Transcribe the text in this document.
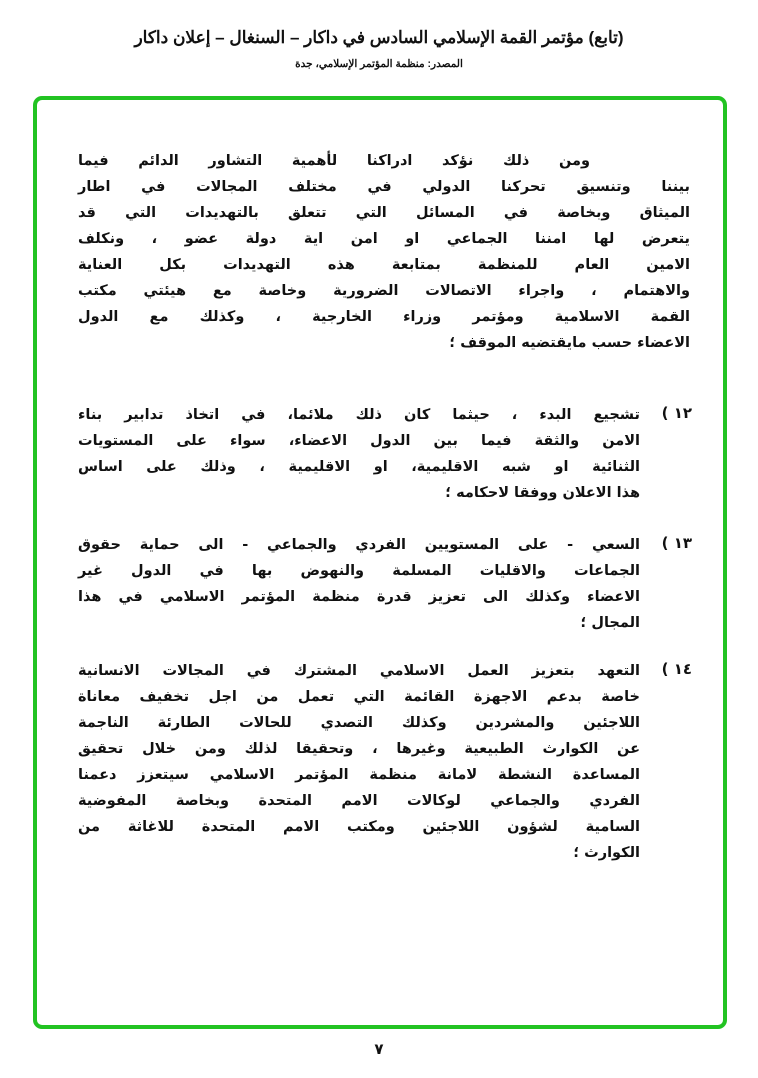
(تابع) مؤتمر القمة الإسلامي السادس في داكار – السنغال – إعلان داكار
المصدر: منظمة المؤتمر الإسلامي، جدة
ومن ذلك نؤكد ادراكنا لأهمية التشاور الدائم فيما
بيننا وتنسيق تحركنا الدولي في مختلف المجالات في اطار
الميثاق وبخاصة في المسائل التي تتعلق بالتهديدات التي قد
يتعرض لها امننا الجماعي او امن اية دولة عضو ، ونكلف
الامين العام للمنظمة بمتابعة هذه التهديدات بكل العناية
والاهتمام ، واجراء الاتصالات الضرورية وخاصة مع هيئتي مكتب
القمة الاسلامية ومؤتمر وزراء الخارجية ، وكذلك مع الدول
الاعضاء حسب مايقتضيه الموقف ؛
١٢ )
تشجيع البدء ، حيثما كان ذلك ملائما، في اتخاذ تدابير بناء
الامن والثقة فيما بين الدول الاعضاء، سواء على المستويات
الثنائية او شبه الاقليمية، او الاقليمية ، وذلك على اساس
هذا الاعلان ووفقا لاحكامه ؛
١٣ )
السعي - على المستويين الفردي والجماعي - الى حماية حقوق
الجماعات والاقليات المسلمة والنهوض بها في الدول غير
الاعضاء وكذلك الى تعزيز قدرة منظمة المؤتمر الاسلامي في هذا
المجال ؛
١٤ )
التعهد بتعزيز العمل الاسلامي المشترك في المجالات الانسانية
خاصة بدعم الاجهزة القائمة التي تعمل من اجل تخفيف معاناة
اللاجئين والمشردين وكذلك التصدي للحالات الطارئة الناجمة
عن الكوارث الطبيعية وغيرها ، وتحقيقا لذلك ومن خلال تحقيق
المساعدة النشطة لامانة منظمة المؤتمر الاسلامي سيتعزز دعمنا
الفردي والجماعي لوكالات الامم المتحدة وبخاصة المفوضية
السامية لشؤون اللاجئين ومكتب الامم المتحدة للاغاثة من
الكوارث ؛
٧
